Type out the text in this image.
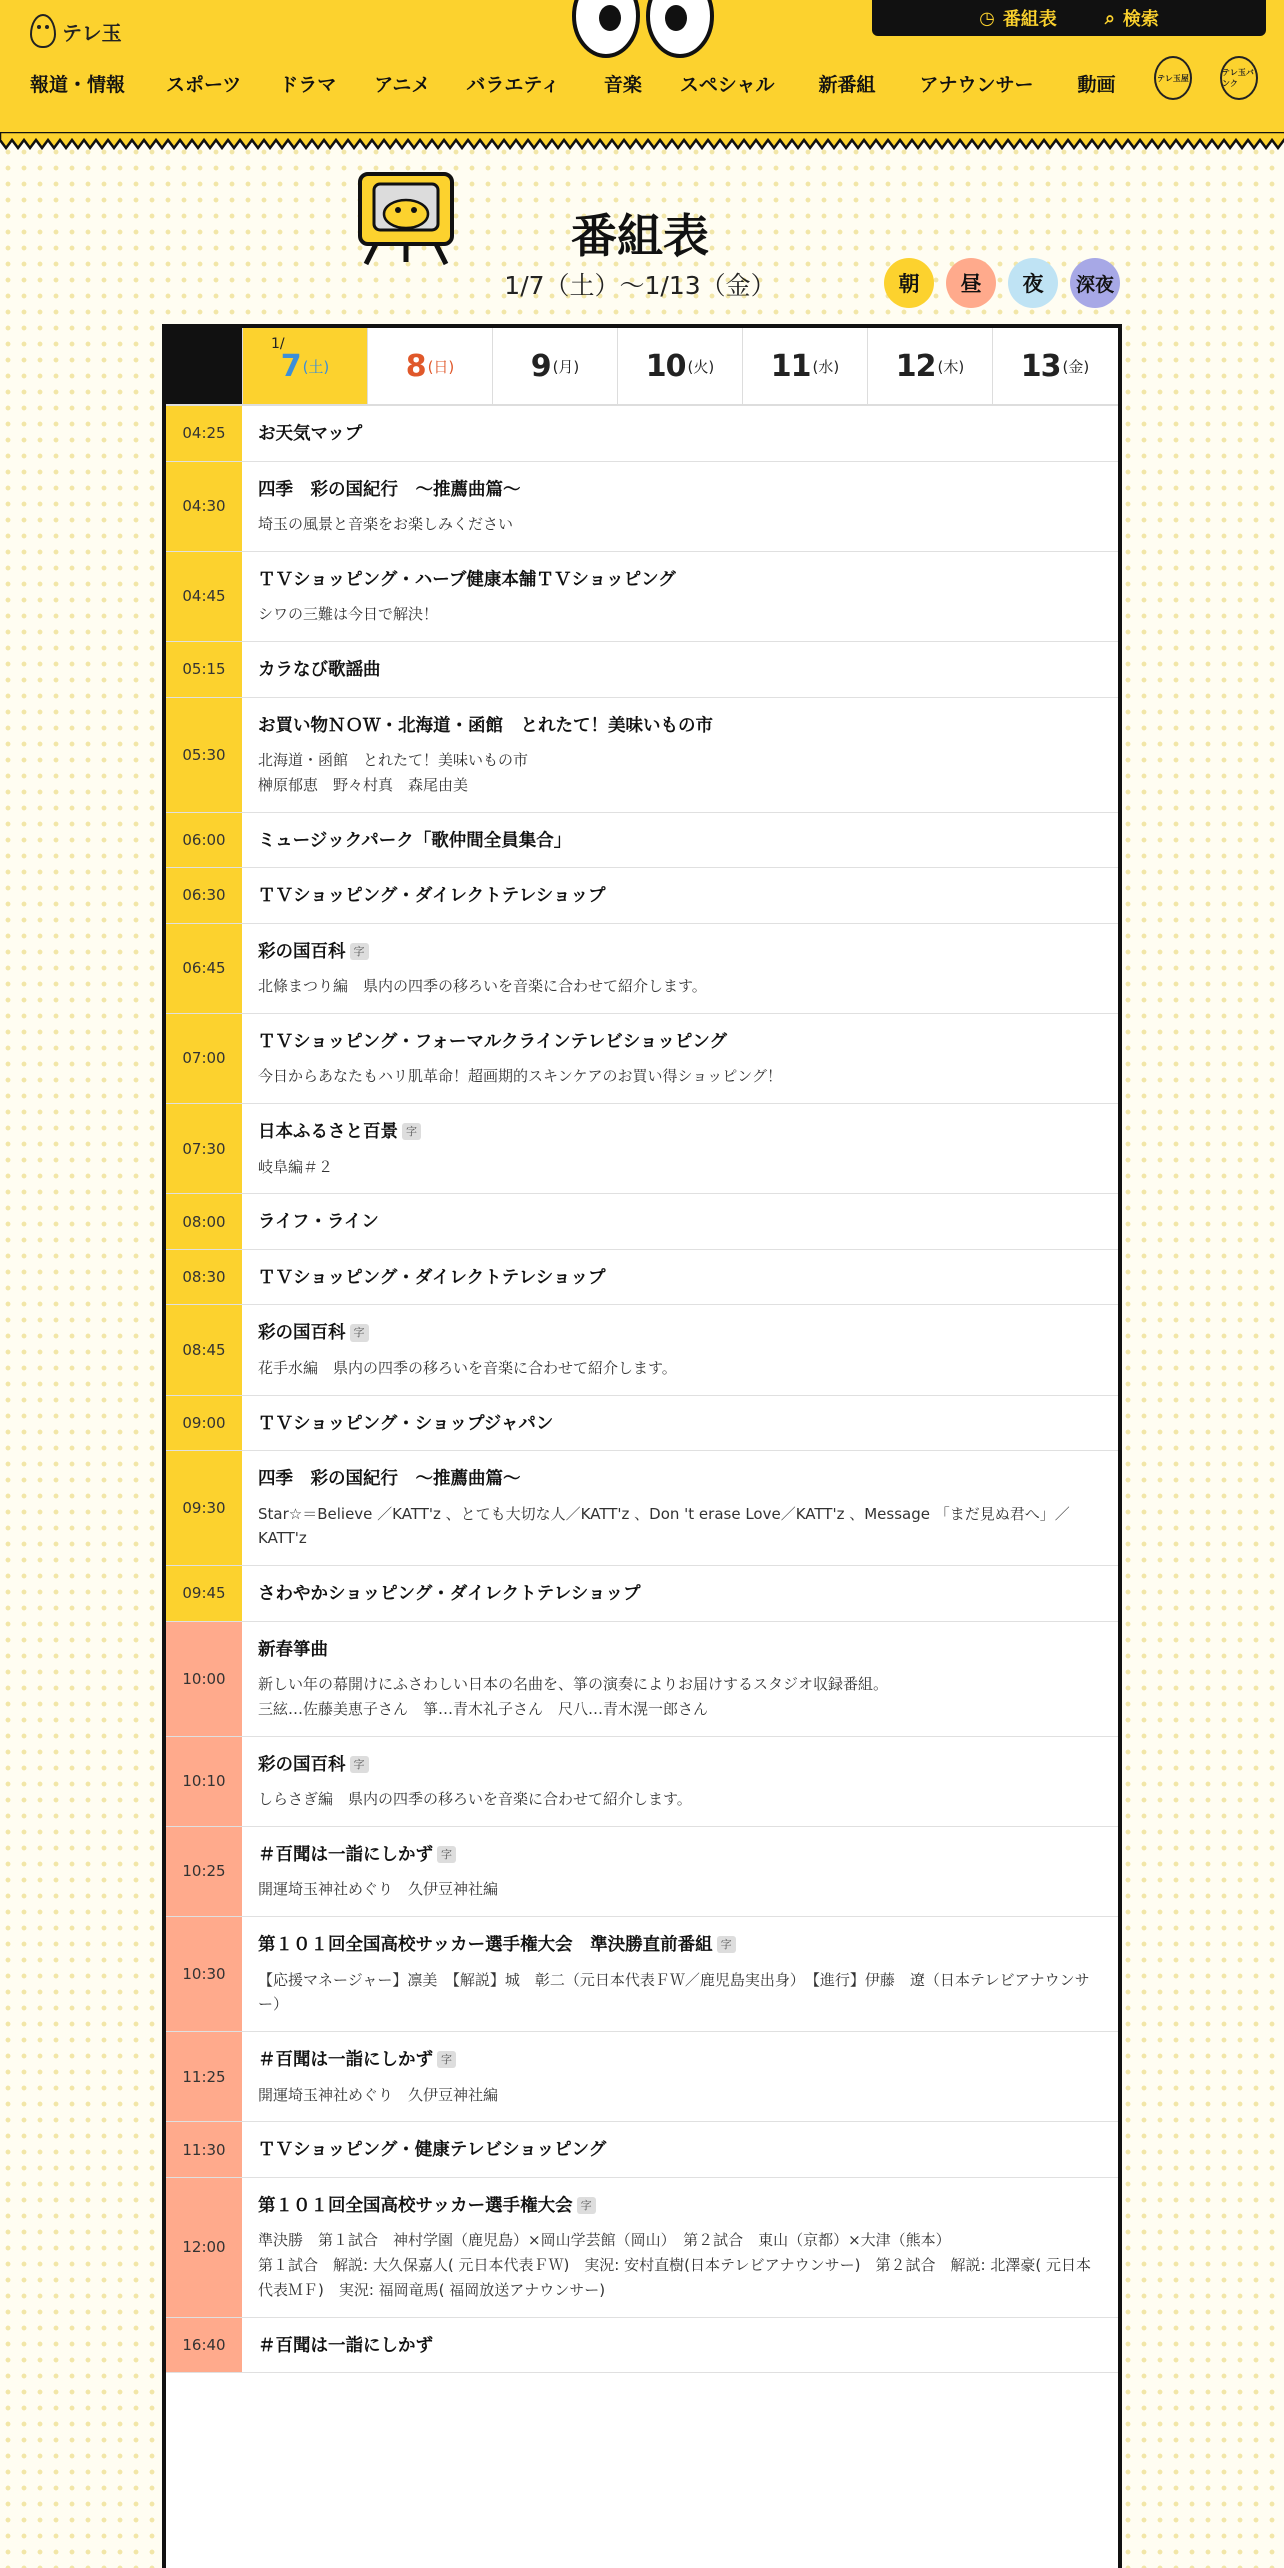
テレ玉
◷ 番組表	⌕ 検索
報道・情報 スポーツ ドラマ アニメ バラエティ 音楽 スペシャル 新番組 アナウンサー 動画	テレ玉屋
テレ玉バンク
番組表
1/7（土）〜1/13（金）	朝	昼	夜	深夜
1/
7 (土)	8 (日)	9 (月) 10 (火) 11 (水) 12 (木) 13 (金)
04:25	お天気マップ
04:30
四季　彩の国紀行　～推薦曲篇～
埼玉の風景と音楽をお楽しみください
04:45
ＴＶショッピング・ハーブ健康本舗ＴＶショッピング
シワの三難は今日で解決！
05:15	カラなび歌謡曲
05:30
お買い物ＮＯＷ・北海道・函館　とれたて！美味いもの市
北海道・函館　とれたて！美味いもの市
榊原郁恵　野々村真　森尾由美
06:00	ミュージックパーク「歌仲間全員集合」
06:30	ＴＶショッピング・ダイレクトテレショップ
06:45
彩の国百科 字
北條まつり編　県内の四季の移ろいを音楽に合わせて紹介します。
07:00
ＴＶショッピング・フォーマルクラインテレビショッピング
今日からあなたもハリ肌革命！超画期的スキンケアのお買い得ショッピング！
07:30
日本ふるさと百景 字
岐阜編＃２
08:00	ライフ・ライン
08:30	ＴＶショッピング・ダイレクトテレショップ
08:45
彩の国百科 字
花手水編　県内の四季の移ろいを音楽に合わせて紹介します。
09:00	ＴＶショッピング・ショップジャパン
09:30
四季　彩の国紀行　～推薦曲篇～
Star☆＝Believe ／KATT'z 、とても大切な人／KATT'z 、Don 't erase Love／KATT'z 、Message 「まだ見ぬ君へ」／KATT'z
09:45	さわやかショッピング・ダイレクトテレショップ
10:00
新春箏曲
新しい年の幕開けにふさわしい日本の名曲を、箏の演奏によりお届けするスタジオ収録番組。
三絃…佐藤美恵子さん　箏…青木礼子さん　尺八…青木滉一郎さん
10:10
彩の国百科 字
しらさぎ編　県内の四季の移ろいを音楽に合わせて紹介します。
10:25
＃百聞は一詣にしかず 字
開運埼玉神社めぐり　久伊豆神社編
10:30
第１０１回全国高校サッカー選手権大会　準決勝直前番組 字
【応援マネージャー】凛美　【解説】城　彰二（元日本代表ＦＷ／鹿児島実出身）　【進行】伊藤　遼（日本テレビアナウンサー）
11:25
＃百聞は一詣にしかず 字
開運埼玉神社めぐり　久伊豆神社編
11:30	ＴＶショッピング・健康テレビショッピング
12:00
第１０１回全国高校サッカー選手権大会 字
準決勝　第１試合　神村学園（鹿児島）×岡山学芸館（岡山）　第２試合　東山（京都）×大津（熊本）
第１試合　解説: 大久保嘉人( 元日本代表ＦＷ)　実況: 安村直樹(日本テレビアナウンサー)　第２試合　解説: 北澤豪( 元日本代表ＭＦ)　実況: 福岡竜馬( 福岡放送アナウンサー)
16:40	＃百聞は一詣にしかず
